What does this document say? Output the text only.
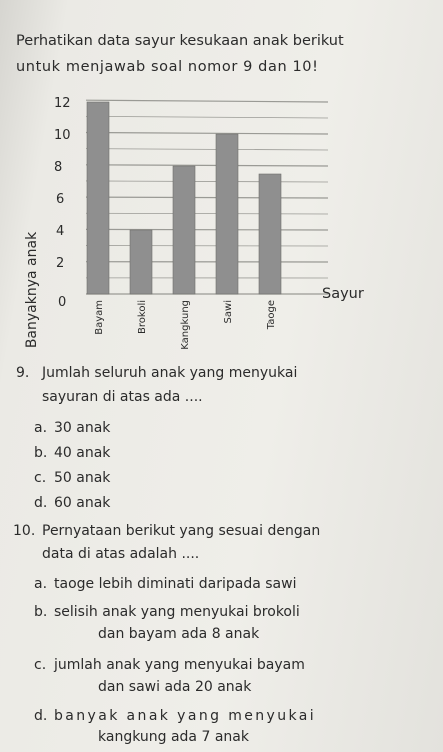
Perhatikan data sayur kesukaan anak berikut
untuk menjawab soal nomor 9 dan 10!
0
2
4
6
8
10
12
Bayam	Brokoli	Kangkung	Sawi	Taoge
Banyaknya anak	Sayur
9. Jumlah seluruh anak yang menyukai
sayuran di atas ada ....
a. 30 anak
b. 40 anak
c. 50 anak
d. 60 anak
10. Pernyataan berikut yang sesuai dengan
data di atas adalah ....
a. taoge lebih diminati daripada sawi
b. selisih anak yang menyukai brokoli
dan bayam ada 8 anak
c. jumlah anak yang menyukai bayam
dan sawi ada 20 anak
d. banyak anak yang menyukai
kangkung ada 7 anak
